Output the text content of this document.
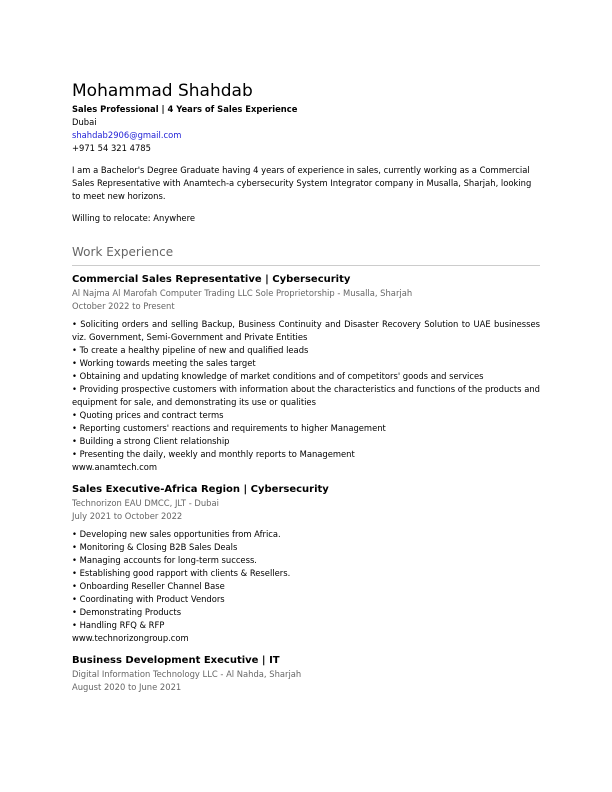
Mohammad Shahdab
Sales Professional | 4 Years of Sales Experience
Dubai
shahdab2906@gmail.com
+971 54 321 4785
I am a Bachelor's Degree Graduate having 4 years of experience in sales, currently working as a Commercial Sales Representative with Anamtech-a cybersecurity System Integrator company in Musalla, Sharjah, looking to meet new horizons.
Willing to relocate: Anywhere
Work Experience
Commercial Sales Representative | Cybersecurity
Al Najma Al Marofah Computer Trading LLC Sole Proprietorship - Musalla, Sharjah
October 2022 to Present
• Soliciting orders and selling Backup, Business Continuity and Disaster Recovery Solution to UAE businesses viz. Government, Semi-Government and Private Entities
• To create a healthy pipeline of new and qualified leads
• Working towards meeting the sales target
• Obtaining and updating knowledge of market conditions and of competitors' goods and services
• Providing prospective customers with information about the characteristics and functions of the products and equipment for sale, and demonstrating its use or qualities
• Quoting prices and contract terms
• Reporting customers' reactions and requirements to higher Management
• Building a strong Client relationship
• Presenting the daily, weekly and monthly reports to Management
www.anamtech.com
Sales Executive-Africa Region | Cybersecurity
Technorizon EAU DMCC, JLT - Dubai
July 2021 to October 2022
• Developing new sales opportunities from Africa.
• Monitoring & Closing B2B Sales Deals
• Managing accounts for long-term success.
• Establishing good rapport with clients & Resellers.
• Onboarding Reseller Channel Base
• Coordinating with Product Vendors
• Demonstrating Products
• Handling RFQ & RFP
www.technorizongroup.com
Business Development Executive | IT
Digital Information Technology LLC - Al Nahda, Sharjah
August 2020 to June 2021
